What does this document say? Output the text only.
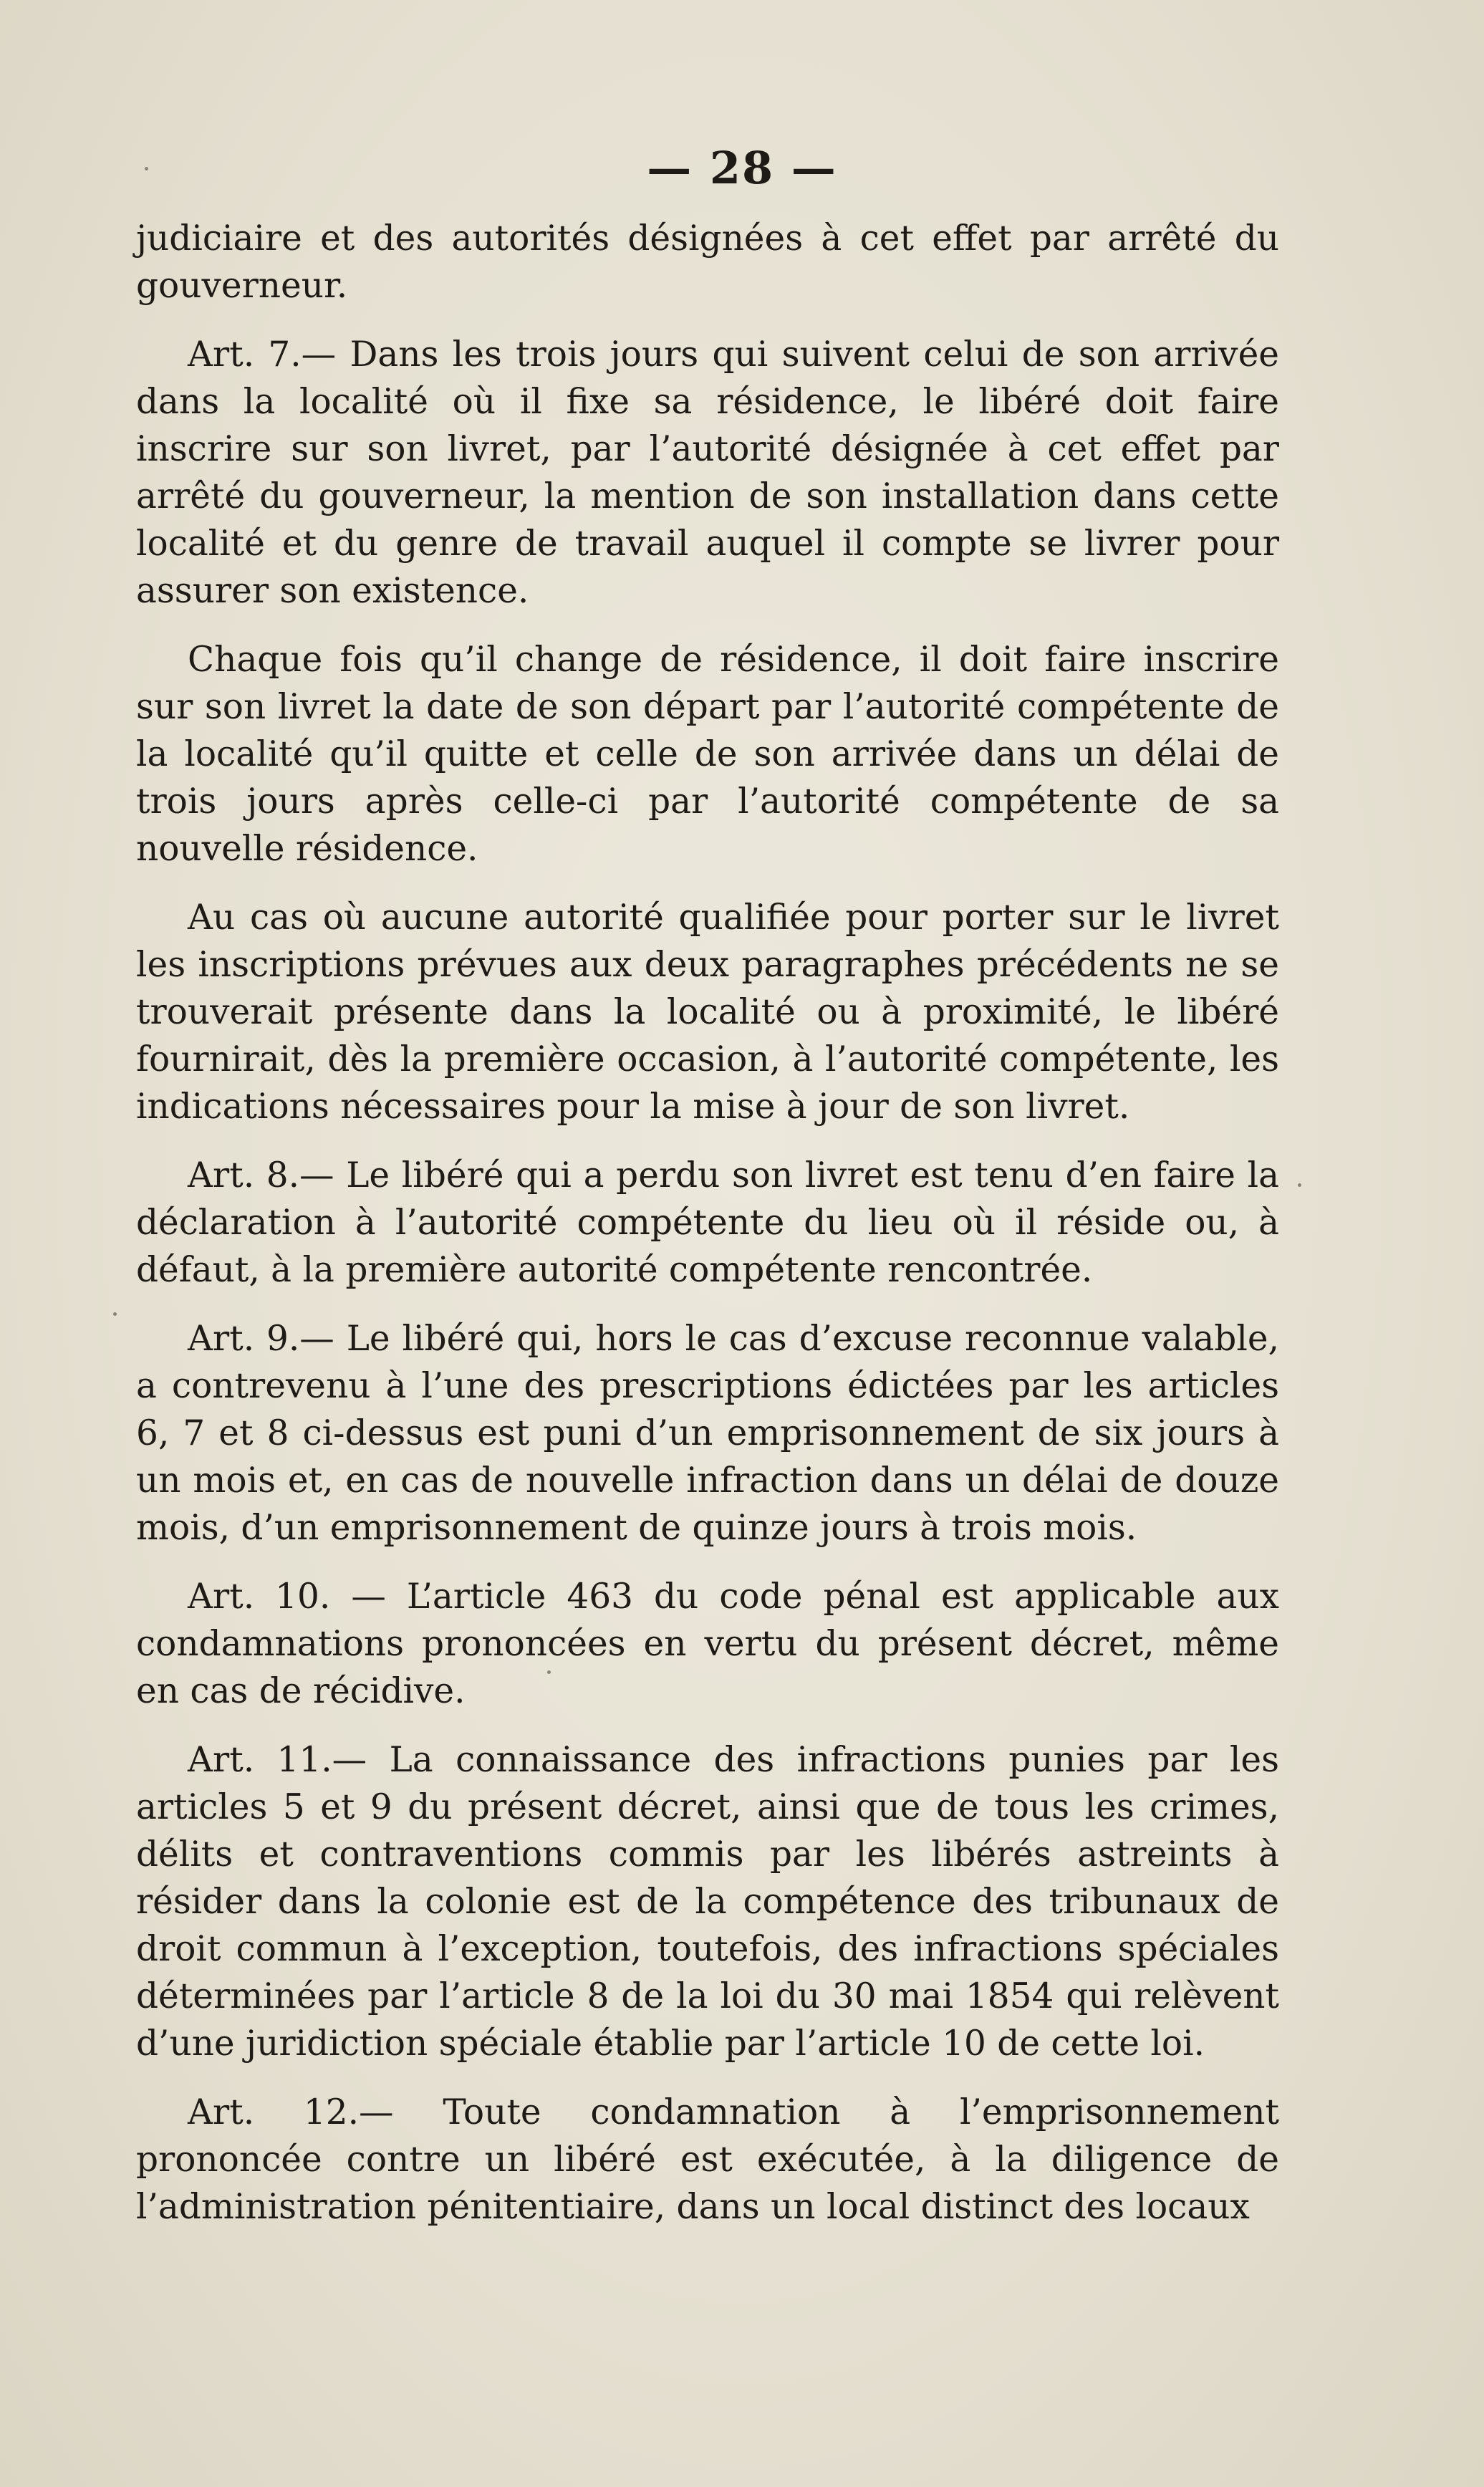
— 28 —

judiciaire et des autorités désignées à cet effet par arrêté du gouverneur.

Art. 7.— Dans les trois jours qui suivent celui de son arrivée dans la localité où il fixe sa résidence, le libéré doit faire inscrire sur son livret, par l’autorité désignée à cet effet par arrêté du gouverneur, la mention de son installation dans cette localité et du genre de travail auquel il compte se livrer pour assurer son existence.

Chaque fois qu’il change de résidence, il doit faire inscrire sur son livret la date de son départ par l’autorité compétente de la localité qu’il quitte et celle de son arrivée dans un délai de trois jours après celle-ci par l’autorité compétente de sa nouvelle résidence.

Au cas où aucune autorité qualifiée pour porter sur le livret les inscriptions prévues aux deux paragraphes précédents ne se trouverait présente dans la localité ou à proximité, le libéré fournirait, dès la première occasion, à l’autorité compétente, les indications nécessaires pour la mise à jour de son livret.

Art. 8.— Le libéré qui a perdu son livret est tenu d’en faire la déclaration à l’autorité compétente du lieu où il réside ou, à défaut, à la première autorité compétente rencontrée.

Art. 9.— Le libéré qui, hors le cas d’excuse reconnue valable, a contrevenu à l’une des prescriptions édictées par les articles 6, 7 et 8 ci-dessus est puni d’un emprisonnement de six jours à un mois et, en cas de nouvelle infraction dans un délai de douze mois, d’un emprisonnement de quinze jours à trois mois.

Art. 10. — L’article 463 du code pénal est applicable aux condamnations prononcées en vertu du présent décret, même en cas de récidive.

Art. 11.— La connaissance des infractions punies par les articles 5 et 9 du présent décret, ainsi que de tous les crimes, délits et contraventions commis par les libérés astreints à résider dans la colonie est de la compétence des tribunaux de droit commun à l’exception, toutefois, des infractions spéciales déterminées par l’article 8 de la loi du 30 mai 1854 qui relèvent d’une juridiction spéciale établie par l’article 10 de cette loi.

Art. 12.— Toute condamnation à l’emprisonnement prononcée contre un libéré est exécutée, à la diligence de l’administration pénitentiaire, dans un local distinct des locaux
